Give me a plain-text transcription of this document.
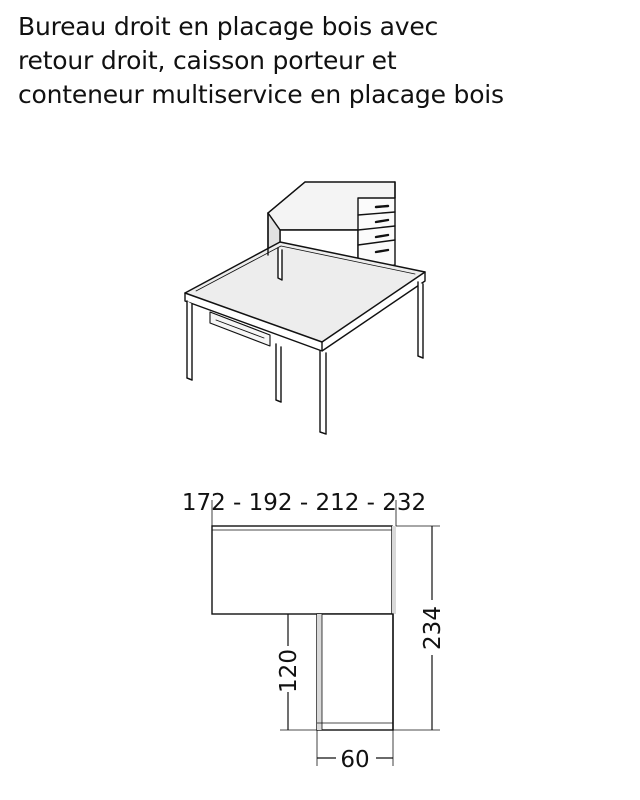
Bureau droit en placage bois avec
retour droit, caisson porteur et
conteneur multiservice en placage bois
172 - 192 - 212 - 232
234
120
60
